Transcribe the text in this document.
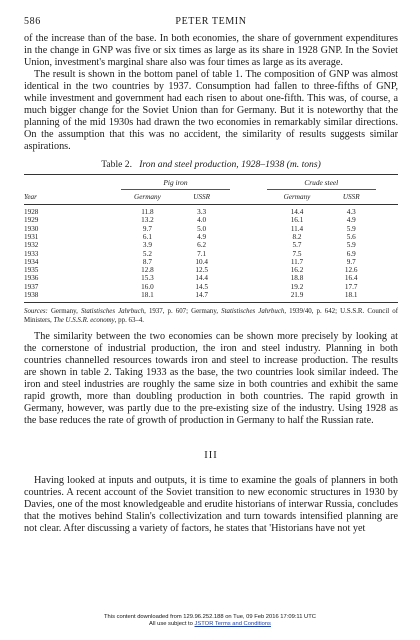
586	PETER TEMIN

of the increase than of the base. In both economies, the share of government expenditures in the change in GNP was five or six times as large as its share in 1928 GNP. In the Soviet Union, investment's marginal share also was four times as large as its average.

The result is shown in the bottom panel of table 1. The composition of GNP was almost identical in the two countries by 1937. Consumption had fallen to three-fifths of GNP, while investment and government had each risen to about one-fifth. This was, of course, a much bigger change for the Soviet Union than for Germany. But it is noteworthy that the planning of the mid 1930s had drawn the two economies in remarkably similar directions. On the assumption that this was no accident, the similarity of results suggests similar aspirations.

Table 2. Iron and steel production, 1928–1938 (m. tons)
	Pig iron			Crude steel		
Year	Germany	USSR		Germany	USSR	
1928	11.8	3.3		14.4	4.3	
1929	13.2	4.0		16.1	4.9	
1930	9.7	5.0		11.4	5.9	
1931	6.1	4.9		8.2	5.6	
1932	3.9	6.2		5.7	5.9	
1933	5.2	7.1		7.5	6.9	
1934	8.7	10.4		11.7	9.7	
1935	12.8	12.5		16.2	12.6	
1936	15.3	14.4		18.8	16.4	
1937	16.0	14.5		19.2	17.7	
1938	18.1	14.7		21.9	18.1	
Sources: Germany, Statistisches Jahrbuch, 1937, p. 607; Germany, Statistisches Jahrbuch, 1939/40, p. 642; U.S.S.R. Council of Ministers, The U.S.S.R. economy, pp. 63–4.

The similarity between the two economies can be shown more precisely by looking at the cornerstone of industrial production, the iron and steel industry. Planning in both countries channelled resources towards iron and steel to increase production. The results are shown in table 2. Taking 1933 as the base, the two countries look similar indeed. The iron and steel industries are roughly the same size in both countries and exhibit the same rapid growth, more than doubling production in both countries. The rapid growth in Germany, however, was partly due to the pre-existing size of the industry. Using 1928 as the base reduces the rate of growth of production in Germany to half the Russian rate.

III

Having looked at inputs and outputs, it is time to examine the goals of planners in both countries. A recent account of the Soviet transition to new economic structures in 1930 by Davies, one of the most knowledgeable and erudite historians of interwar Russia, concludes that the motives behind Stalin's collectivization and turn towards intensified planning are not clear. After discussing a variety of factors, he states that 'Historians have not yet

This content downloaded from 129.96.252.188 on Tue, 09 Feb 2016 17:09:11 UTC
All use subject to JSTOR Terms and Conditions
